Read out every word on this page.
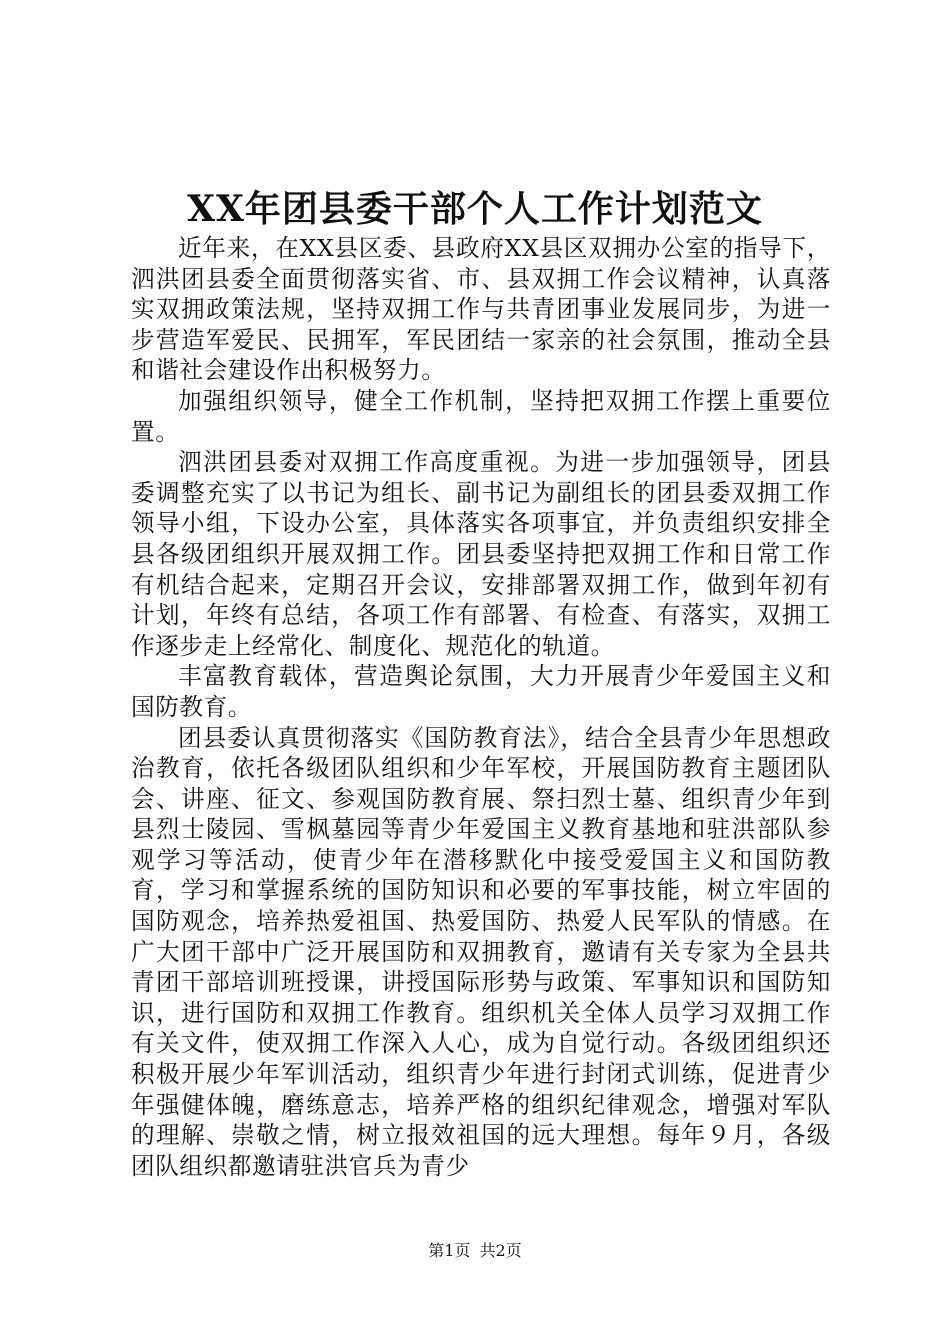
XX年团县委干部个人工作计划范文

近年来，在XX县区委、县政府XX县区双拥办公室的指导下，泗洪团县委全面贯彻落实省、市、县双拥工作会议精神，认真落实双拥政策法规，坚持双拥工作与共青团事业发展同步，为进一步营造军爱民、民拥军，军民团结一家亲的社会氛围，推动全县和谐社会建设作出积极努力。

加强组织领导，健全工作机制，坚持把双拥工作摆上重要位置。

泗洪团县委对双拥工作高度重视。为进一步加强领导，团县委调整充实了以书记为组长、副书记为副组长的团县委双拥工作领导小组，下设办公室，具体落实各项事宜，并负责组织安排全县各级团组织开展双拥工作。团县委坚持把双拥工作和日常工作有机结合起来，定期召开会议，安排部署双拥工作，做到年初有计划，年终有总结，各项工作有部署、有检查、有落实，双拥工作逐步走上经常化、制度化、规范化的轨道。

丰富教育载体，营造舆论氛围，大力开展青少年爱国主义和国防教育。

团县委认真贯彻落实《国防教育法》，结合全县青少年思想政治教育，依托各级团队组织和少年军校，开展国防教育主题团队会、讲座、征文、参观国防教育展、祭扫烈士墓、组织青少年到县烈士陵园、雪枫墓园等青少年爱国主义教育基地和驻洪部队参观学习等活动，使青少年在潜移默化中接受爱国主义和国防教育，学习和掌握系统的国防知识和必要的军事技能，树立牢固的国防观念，培养热爱祖国、热爱国防、热爱人民军队的情感。在广大团干部中广泛开展国防和双拥教育，邀请有关专家为全县共青团干部培训班授课，讲授国际形势与政策、军事知识和国防知识，进行国防和双拥工作教育。组织机关全体人员学习双拥工作有关文件，使双拥工作深入人心，成为自觉行动。各级团组织还积极开展少年军训活动，组织青少年进行封闭式训练，促进青少年强健体魄，磨练意志，培养严格的组织纪律观念，增强对军队的理解、崇敬之情，树立报效祖国的远大理想。每年９月，各级团队组织都邀请驻洪官兵为青少

第1页 共2页
